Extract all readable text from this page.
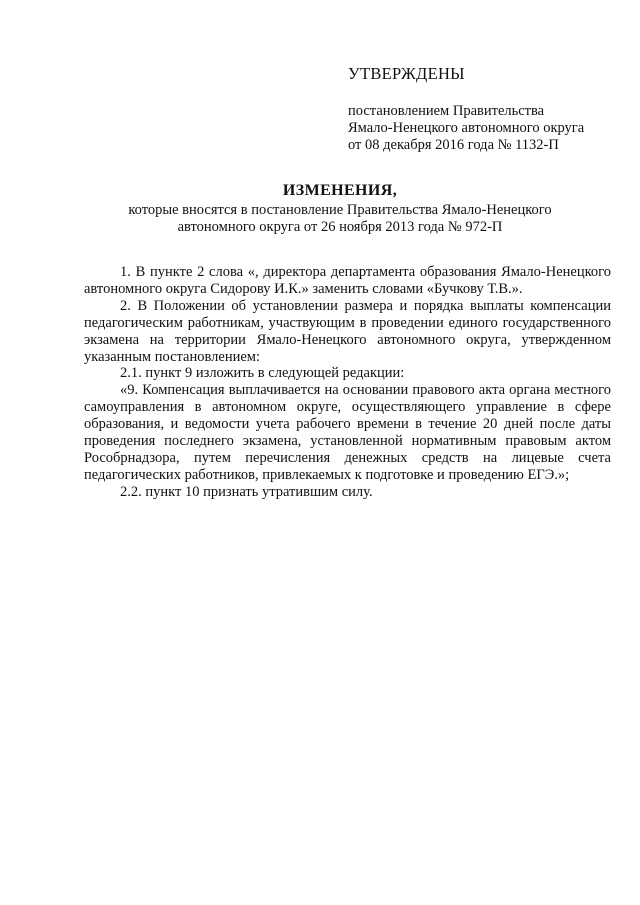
УТВЕРЖДЕНЫ
постановлением Правительства
Ямало-Ненецкого автономного округа
от 08 декабря 2016 года № 1132-П
ИЗМЕНЕНИЯ,
которые вносятся в постановление Правительства Ямало-Ненецкого
автономного округа от 26 ноября 2013 года № 972-П

1. В пункте 2 слова «, директора департамента образования Ямало-Ненецкого автономного округа Сидорову И.К.» заменить словами «Бучкову Т.В.».

2. В Положении об установлении размера и порядка выплаты компенсации педагогическим работникам, участвующим в проведении единого государственного экзамена на территории Ямало-Ненецкого автономного округа, утвержденном указанным постановлением:

2.1. пункт 9 изложить в следующей редакции:

«9. Компенсация выплачивается на основании правового акта органа местного самоуправления в автономном округе, осуществляющего управление в сфере образования, и ведомости учета рабочего времени в течение 20 дней после даты проведения последнего экзамена, установленной нормативным правовым актом Рособрнадзора, путем перечисления денежных средств на лицевые счета педагогических работников, привлекаемых к подготовке и проведению ЕГЭ.»;

2.2. пункт 10 признать утратившим силу.
